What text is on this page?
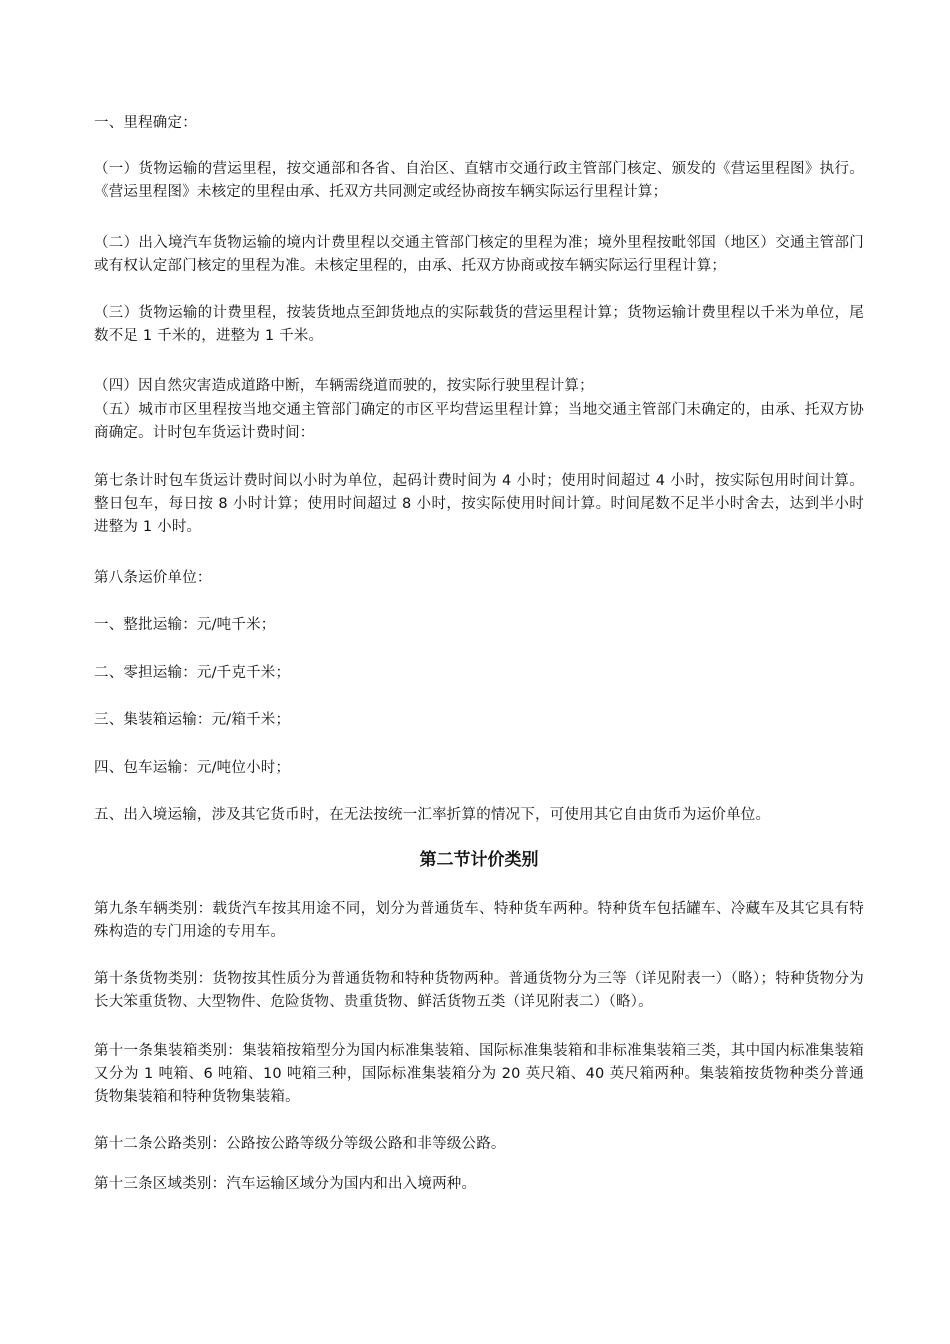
一、里程确定：

（一）货物运输的营运里程，按交通部和各省、自治区、直辖市交通行政主管部门核定、颁发的《营运里程图》执行。《营运里程图》未核定的里程由承、托双方共同测定或经协商按车辆实际运行里程计算；

（二）出入境汽车货物运输的境内计费里程以交通主管部门核定的里程为准；境外里程按毗邻国（地区）交通主管部门或有权认定部门核定的里程为准。未核定里程的，由承、托双方协商或按车辆实际运行里程计算；

（三）货物运输的计费里程，按装货地点至卸货地点的实际载货的营运里程计算；货物运输计费里程以千米为单位，尾数不足 1 千米的，进整为 1 千米。

（四）因自然灾害造成道路中断，车辆需绕道而驶的，按实际行驶里程计算；

（五）城市市区里程按当地交通主管部门确定的市区平均营运里程计算；当地交通主管部门未确定的，由承、托双方协商确定。计时包车货运计费时间：

第七条计时包车货运计费时间以小时为单位，起码计费时间为 4 小时；使用时间超过 4 小时，按实际包用时间计算。整日包车，每日按 8 小时计算；使用时间超过 8 小时，按实际使用时间计算。时间尾数不足半小时舍去，达到半小时进整为 1 小时。

第八条运价单位：

一、整批运输：元/吨千米；

二、零担运输：元/千克千米；

三、集装箱运输：元/箱千米；

四、包车运输：元/吨位小时；

五、出入境运输，涉及其它货币时，在无法按统一汇率折算的情况下，可使用其它自由货币为运价单位。

第二节计价类别

第九条车辆类别：载货汽车按其用途不同，划分为普通货车、特种货车两种。特种货车包括罐车、冷藏车及其它具有特殊构造的专门用途的专用车。

第十条货物类别：货物按其性质分为普通货物和特种货物两种。普通货物分为三等（详见附表一）（略）；特种货物分为长大笨重货物、大型物件、危险货物、贵重货物、鲜活货物五类（详见附表二）（略）。

第十一条集装箱类别：集装箱按箱型分为国内标准集装箱、国际标准集装箱和非标准集装箱三类，其中国内标准集装箱又分为 1 吨箱、6 吨箱、10 吨箱三种，国际标准集装箱分为 20 英尺箱、40 英尺箱两种。集装箱按货物种类分普通货物集装箱和特种货物集装箱。

第十二条公路类别：公路按公路等级分等级公路和非等级公路。

第十三条区域类别：汽车运输区域分为国内和出入境两种。
